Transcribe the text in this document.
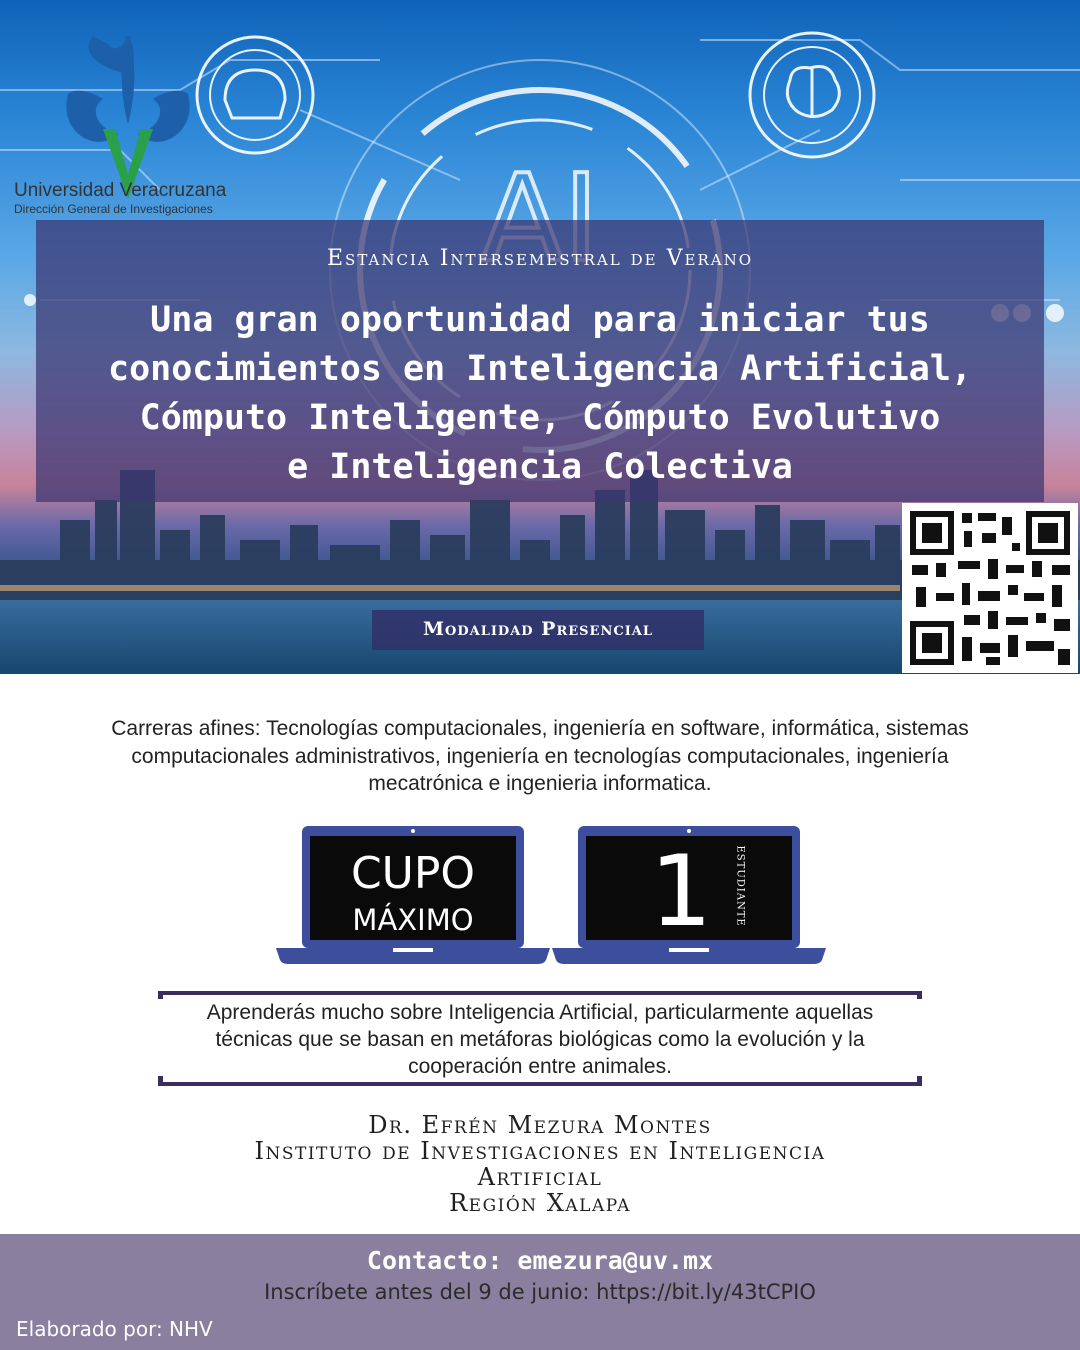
Universidad Veracruzana
Dirección General de Investigaciones
Estancia Intersemestral de Verano
Una gran oportunidad para iniciar tus
conocimientos en Inteligencia Artificial,
Cómputo Inteligente, Cómputo Evolutivo
e Inteligencia Colectiva
Modalidad Presencial
Carreras afines: Tecnologías computacionales, ingeniería en software, informática, sistemas
computacionales administrativos, ingeniería en tecnologías computacionales, ingeniería
mecatrónica e ingenieria informatica.
CUPO
MÁXIMO	1	ESTUDIANTE
Aprenderás mucho sobre Inteligencia Artificial, particularmente aquellas
técnicas que se basan en metáforas biológicas como la evolución y la
cooperación entre animales.
Dr. Efrén Mezura Montes
Instituto de Investigaciones en Inteligencia
Artificial
Región Xalapa
Contacto: emezura@uv.mx
Inscríbete antes del 9 de junio: https://bit.ly/43tCPIO
Elaborado por: NHV
